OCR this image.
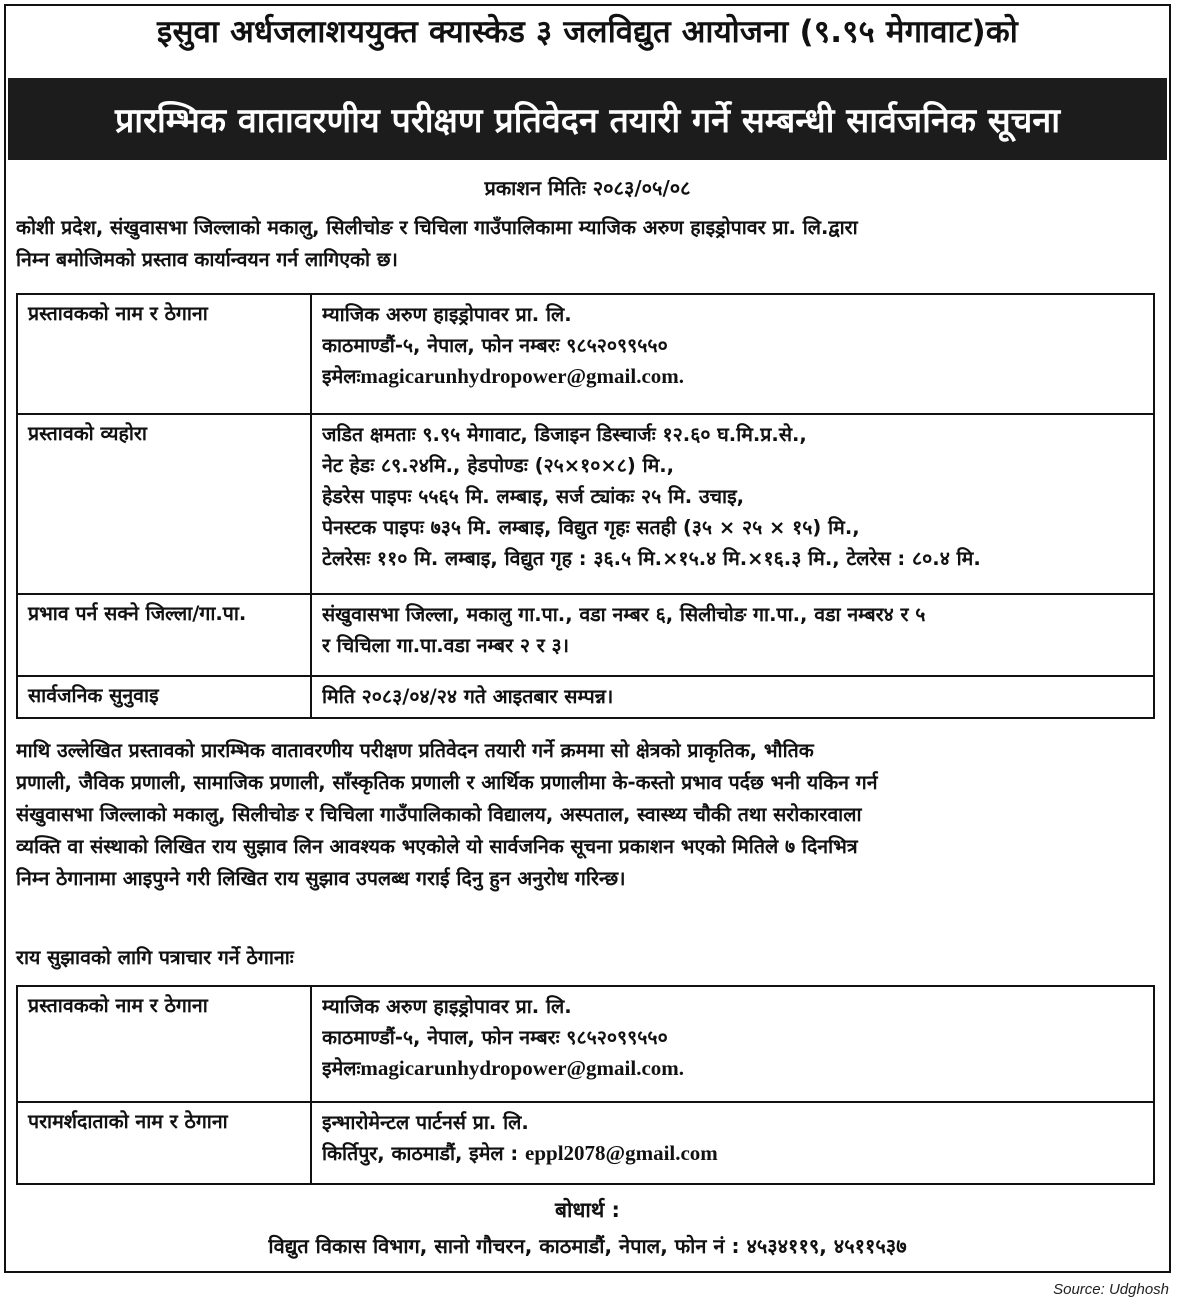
इसुवा अर्धजलाशययुक्त क्यास्केड ३ जलविद्युत आयोजना (९.९५ मेगावाट)को
प्रारम्भिक वातावरणीय परीक्षण प्रतिवेदन तयारी गर्ने सम्बन्धी सार्वजनिक सूचना
प्रकाशन मितिः २०८३/०५/०८
कोशी प्रदेश, संखुवासभा जिल्लाको मकालु, सिलीचोङ र चिचिला गाउँपालिकामा म्याजिक अरुण हाइड्रोपावर प्रा. लि.द्वारा
निम्न बमोजिमको प्रस्ताव कार्यान्वयन गर्न लागिएको छ।
प्रस्तावकको नाम र ठेगाना	म्याजिक अरुण हाइड्रोपावर प्रा. लि.
काठमाण्डौं-५, नेपाल, फोन नम्बरः ९८५२०९९५५०
इमेलःmagicarunhydropower@gmail.com.

प्रस्तावको व्यहोरा	जडित क्षमताः ९.९५ मेगावाट, डिजाइन डिस्चार्जः १२.६० घ.मि.प्र.से.,
नेट हेडः ८९.२४मि., हेडपोण्डः (२५×१०×८) मि.,
हेडरेस पाइपः ५५६५ मि. लम्बाइ, सर्ज ट्यांकः २५ मि. उचाइ,
पेनस्टक पाइपः ७३५ मि. लम्बाइ, विद्युत गृहः सतही (३५ × २५ × १५) मि.,
टेलरेसः ११० मि. लम्बाइ, विद्युत गृह : ३६.५ मि.×१५.४ मि.×१६.३ मि., टेलरेस : ८०.४ मि.

प्रभाव पर्न सक्ने जिल्ला/गा.पा.	संखुवासभा जिल्ला, मकालु गा.पा., वडा नम्बर ६, सिलीचोङ गा.पा., वडा नम्बर४ र ५
र चिचिला गा.पा.वडा नम्बर २ र ३।

सार्वजनिक सुनुवाइ	मिति २०८३/०४/२४ गते आइतबार सम्पन्न।
माथि उल्लेखित प्रस्तावको प्रारम्भिक वातावरणीय परीक्षण प्रतिवेदन तयारी गर्ने क्रममा सो क्षेत्रको प्राकृतिक, भौतिक
प्रणाली, जैविक प्रणाली, सामाजिक प्रणाली, साँस्कृतिक प्रणाली र आर्थिक प्रणालीमा के-कस्तो प्रभाव पर्दछ भनी यकिन गर्न
संखुवासभा जिल्लाको मकालु, सिलीचोङ र चिचिला गाउँपालिकाको विद्यालय, अस्पताल, स्वास्थ्य चौकी तथा सरोकारवाला
व्यक्ति वा संस्थाको लिखित राय सुझाव लिन आवश्यक भएकोले यो सार्वजनिक सूचना प्रकाशन भएको मितिले ७ दिनभित्र
निम्न ठेगानामा आइपुग्ने गरी लिखित राय सुझाव उपलब्ध गराई दिनु हुन अनुरोध गरिन्छ।
राय सुझावको लागि पत्राचार गर्ने ठेगानाः
प्रस्तावकको नाम र ठेगाना	म्याजिक अरुण हाइड्रोपावर प्रा. लि.
काठमाण्डौं-५, नेपाल, फोन नम्बरः ९८५२०९९५५०
इमेलःmagicarunhydropower@gmail.com.

परामर्शदाताको नाम र ठेगाना	इन्भारोमेन्टल पार्टनर्स प्रा. लि.
किर्तिपुर, काठमाडौं, इमेल : eppl2078@gmail.com
बोधार्थ :
विद्युत विकास विभाग, सानो गौचरन, काठमाडौं, नेपाल, फोन नं : ४५३४११९, ४५११५३७
Source: Udghosh
